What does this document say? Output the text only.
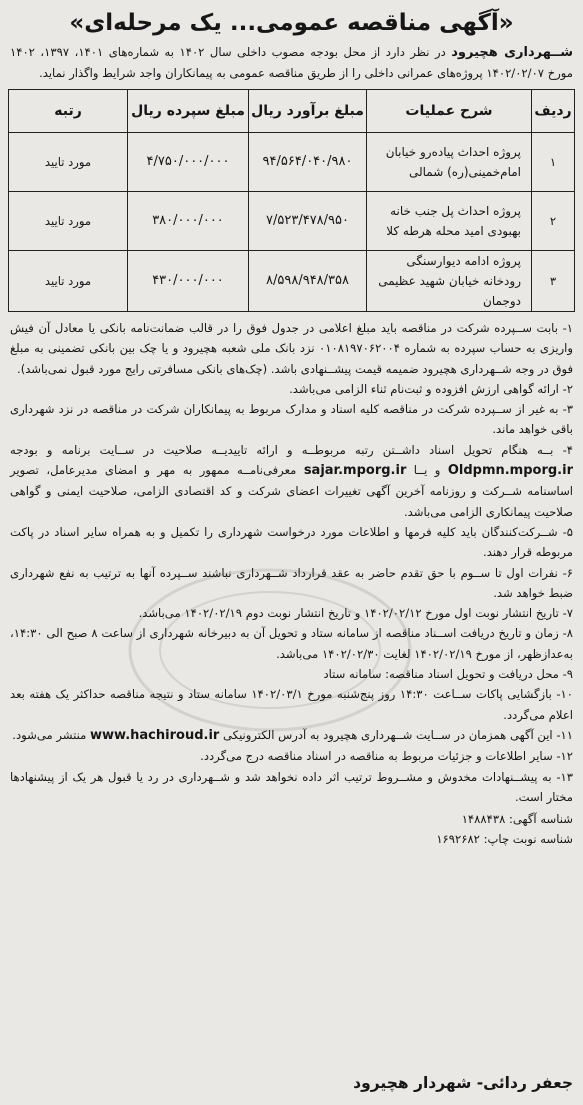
«آگهی مناقصه عمومی... یک مرحله‌ای»
شــهرداری هچیرود در نظر دارد از محل بودجه مصوب داخلی سال ۱۴۰۲ به شماره‌های ۱۴۰۱، ۱۳۹۷، ۱۴۰۲ مورخ ۱۴۰۲/۰۲/۰۷ پروژه‌های عمرانی داخلی را از طریق مناقصه عمومی به پیمانکاران واجد شرایط واگذار نماید.
ردیف	شرح عملیات	مبلغ برآورد ریال	مبلغ سپرده ریال	رتبه
۱	پروژه احداث پیاده‌رو خیابان امام‌خمینی(ره) شمالی	۹۴/۵۶۴/۰۴۰/۹۸۰	۴/۷۵۰/۰۰۰/۰۰۰	مورد تایید
۲	پروژه احداث پل جنب خانه بهبودی امید محله هرطه کلا	۷/۵۲۳/۴۷۸/۹۵۰	۳۸۰/۰۰۰/۰۰۰	مورد تایید
۳	پروژه ادامه دیوارسنگی رودخانه خیابان شهید عظیمی دوجمان	۸/۵۹۸/۹۴۸/۳۵۸	۴۳۰/۰۰۰/۰۰۰	مورد تایید

۱- بابت ســپرده شرکت در مناقصه باید مبلغ اعلامی در جدول فوق را در قالب ضمانت‌نامه بانکی یا معادل آن فیش واریزی به حساب سپرده به شماره ۰۱۰۸۱۹۷۰۶۲۰۰۴ نزد بانک ملی شعبه هچیرود و یا چک بین بانکی تضمینی به مبلغ فوق در وجه شــهرداری هچیرود ضمیمه قیمت پیشــنهادی باشد. (چک‌های بانکی مسافرتی رایج مورد قبول نمی‌باشد).

۲- ارائه گواهی ارزش افزوده و ثبت‌نام ثناء الزامی می‌باشد.

۳- به غیر از ســپرده شرکت در مناقصه کلیه اسناد و مدارک مربوط به پیمانکاران شرکت در مناقصه در نزد شهرداری باقی خواهد ماند.

۴- بــه هنگام تحویل اسناد داشــتن رتبه مربوطــه و ارائه تاییدیــه صلاحیت در ســایت برنامه و بودجه Oldpmn.mporg.ir و یــا sajar.mporg.ir معرفی‌نامــه ممهور به مهر و امضای مدیرعامل، تصویر اساسنامه شــرکت و روزنامه آخرین آگهی تغییرات اعضای شرکت و کد اقتصادی الزامی، صلاحیت ایمنی و گواهی صلاحیت پیمانکاری الزامی می‌باشد.

۵- شــرکت‌کنندگان باید کلیه فرمها و اطلاعات مورد درخواست شهرداری را تکمیل و به همراه سایر اسناد در پاکت مربوطه قرار دهند.

۶- نفرات اول تا ســوم با حق تقدم حاضر به عقد قرارداد شــهرداری نباشند ســپرده آنها به ترتیب به نفع شهرداری ضبط خواهد شد.

۷- تاریخ انتشار نوبت اول مورخ ۱۴۰۲/۰۲/۱۲ و تاریخ انتشار نوبت دوم ۱۴۰۲/۰۲/۱۹ می‌باشد.

۸- زمان و تاریخ دریافت اســناد مناقصه از سامانه ستاد و تحویل آن به دبیرخانه شهرداری از ساعت ۸ صبح الی ۱۴:۳۰، به‌عدازظهر، از مورخ ۱۴۰۲/۰۲/۱۹ لغایت ۱۴۰۲/۰۲/۳۰ می‌باشد.

۹- محل دریافت و تحویل اسناد مناقصه: سامانه ستاد

۱۰- بازگشایی پاکات ســاعت ۱۴:۳۰ روز پنج‌شنبه مورخ ۱۴۰۲/۰۳/۱ سامانه ستاد و نتیجه مناقصه حداکثر یک هفته بعد اعلام می‌گردد.

۱۱- این آگهی همزمان در ســایت شــهرداری هچیرود به آدرس الکترونیکی www.hachiroud.ir منتشر می‌شود.

۱۲- سایر اطلاعات و جزئیات مربوط به مناقصه در اسناد مناقصه درج می‌گردد.

۱۳- به پیشــنهادات مخدوش و مشــروط ترتیب اثر داده نخواهد شد و شــهرداری در رد یا قبول هر یک از پیشنهادها مختار است.

شناسه آگهی: ۱۴۸۸۴۳۸
شناسه نوبت چاپ: ۱۶۹۲۶۸۲
جعفر ردائی- شهردار هچیرود
